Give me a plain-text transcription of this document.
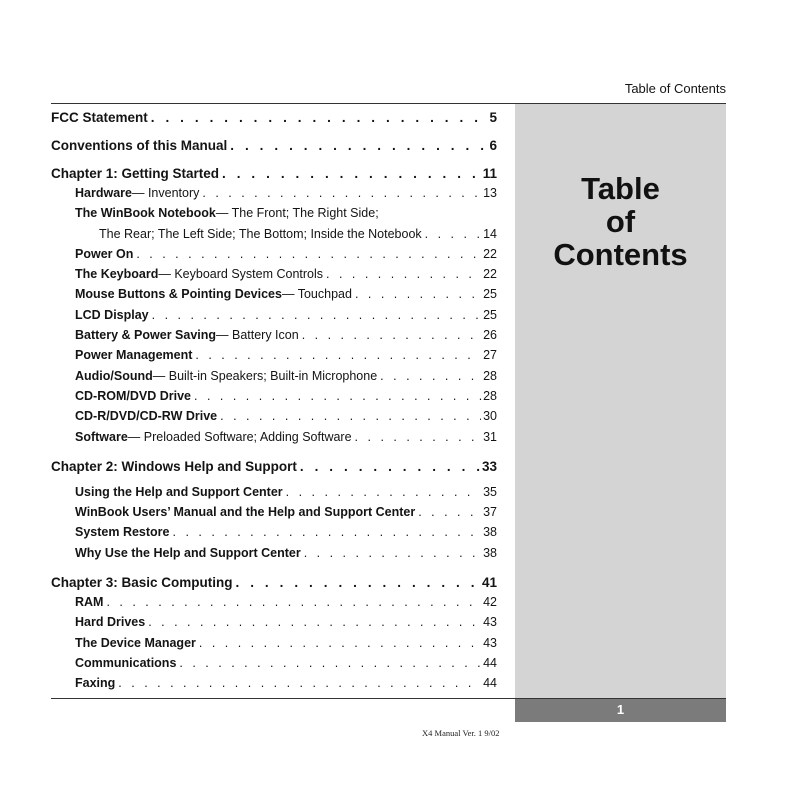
Table of Contents
Table
of
Contents
FCC Statement . . .	5
Conventions of this Manual . . .	6
Chapter 1: Getting Started . . .	11
Hardware — Inventory . . .	13
The WinBook Notebook — The Front; The Right Side;
The Rear; The Left Side; The Bottom; Inside the Notebook . . .	14
Power On . . .	22
The Keyboard — Keyboard System Controls . . .	22
Mouse Buttons & Pointing Devices — Touchpad . . .	25
LCD Display . . .	25
Battery & Power Saving — Battery Icon . . .	26
Power Management . . .	27
Audio/Sound — Built-in Speakers; Built-in Microphone . . .	28
CD-ROM/DVD Drive . . .	28
CD-R/DVD/CD-RW Drive . . .	30
Software — Preloaded Software; Adding Software . . .	31
Chapter 2: Windows Help and Support . . .	33
Using the Help and Support Center . . .	35
WinBook Users’ Manual and the Help and Support Center . . .	37
System Restore . . .	38
Why Use the Help and Support Center . . .	38
Chapter 3: Basic Computing . . .	41
RAM . . .	42
Hard Drives . . .	43
The Device Manager . . .	43
Communications . . .	44
Faxing . . .	44
1
X4 Manual Ver. 1 9/02
